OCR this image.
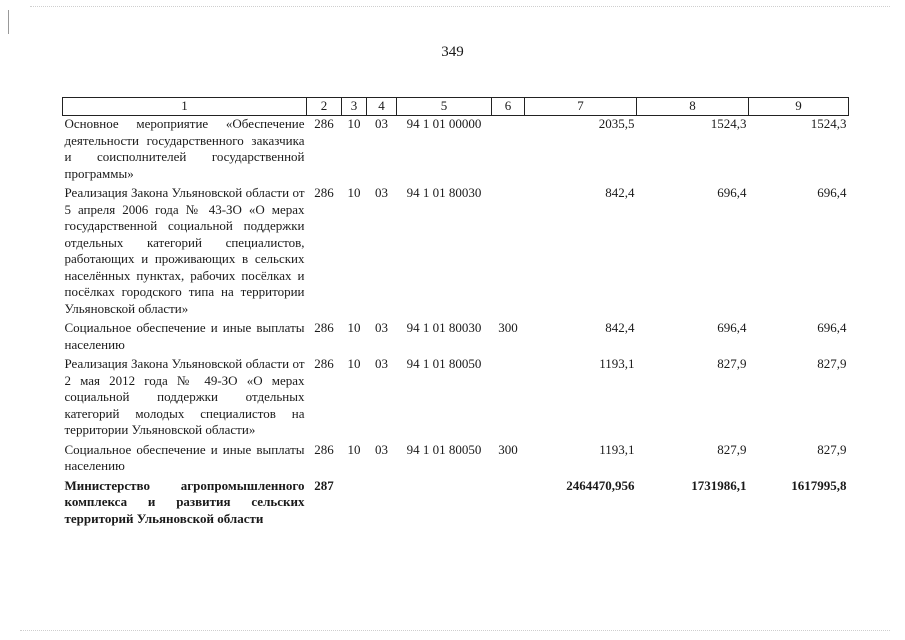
349
1	2	3	4	5	6	7	8	9
Основное мероприятие «Обеспечение деятельности государственного заказчика и соисполнителей государственной программы»	286	10	03	94 1 01 00000		2035,5	1524,3	1524,3
Реализация Закона Ульяновской области от 5 апреля 2006 года № 43-ЗО «О мерах государственной социальной поддержки отдельных категорий специалистов, работающих и проживающих в сельских населённых пунктах, рабочих посёлках и посёлках городского типа на территории Ульяновской области»	286	10	03	94 1 01 80030		842,4	696,4	696,4
Социальное обеспечение и иные выплаты населению	286	10	03	94 1 01 80030	300	842,4	696,4	696,4
Реализация Закона Ульяновской области от 2 мая 2012 года № 49-ЗО «О мерах социальной поддержки отдельных категорий молодых специалистов на территории Ульяновской области»	286	10	03	94 1 01 80050		1193,1	827,9	827,9
Социальное обеспечение и иные выплаты населению	286	10	03	94 1 01 80050	300	1193,1	827,9	827,9
Министерство агропромышленного комплекса и развития сельских территорий Ульяновской области	287					2464470,956	1731986,1	1617995,8
